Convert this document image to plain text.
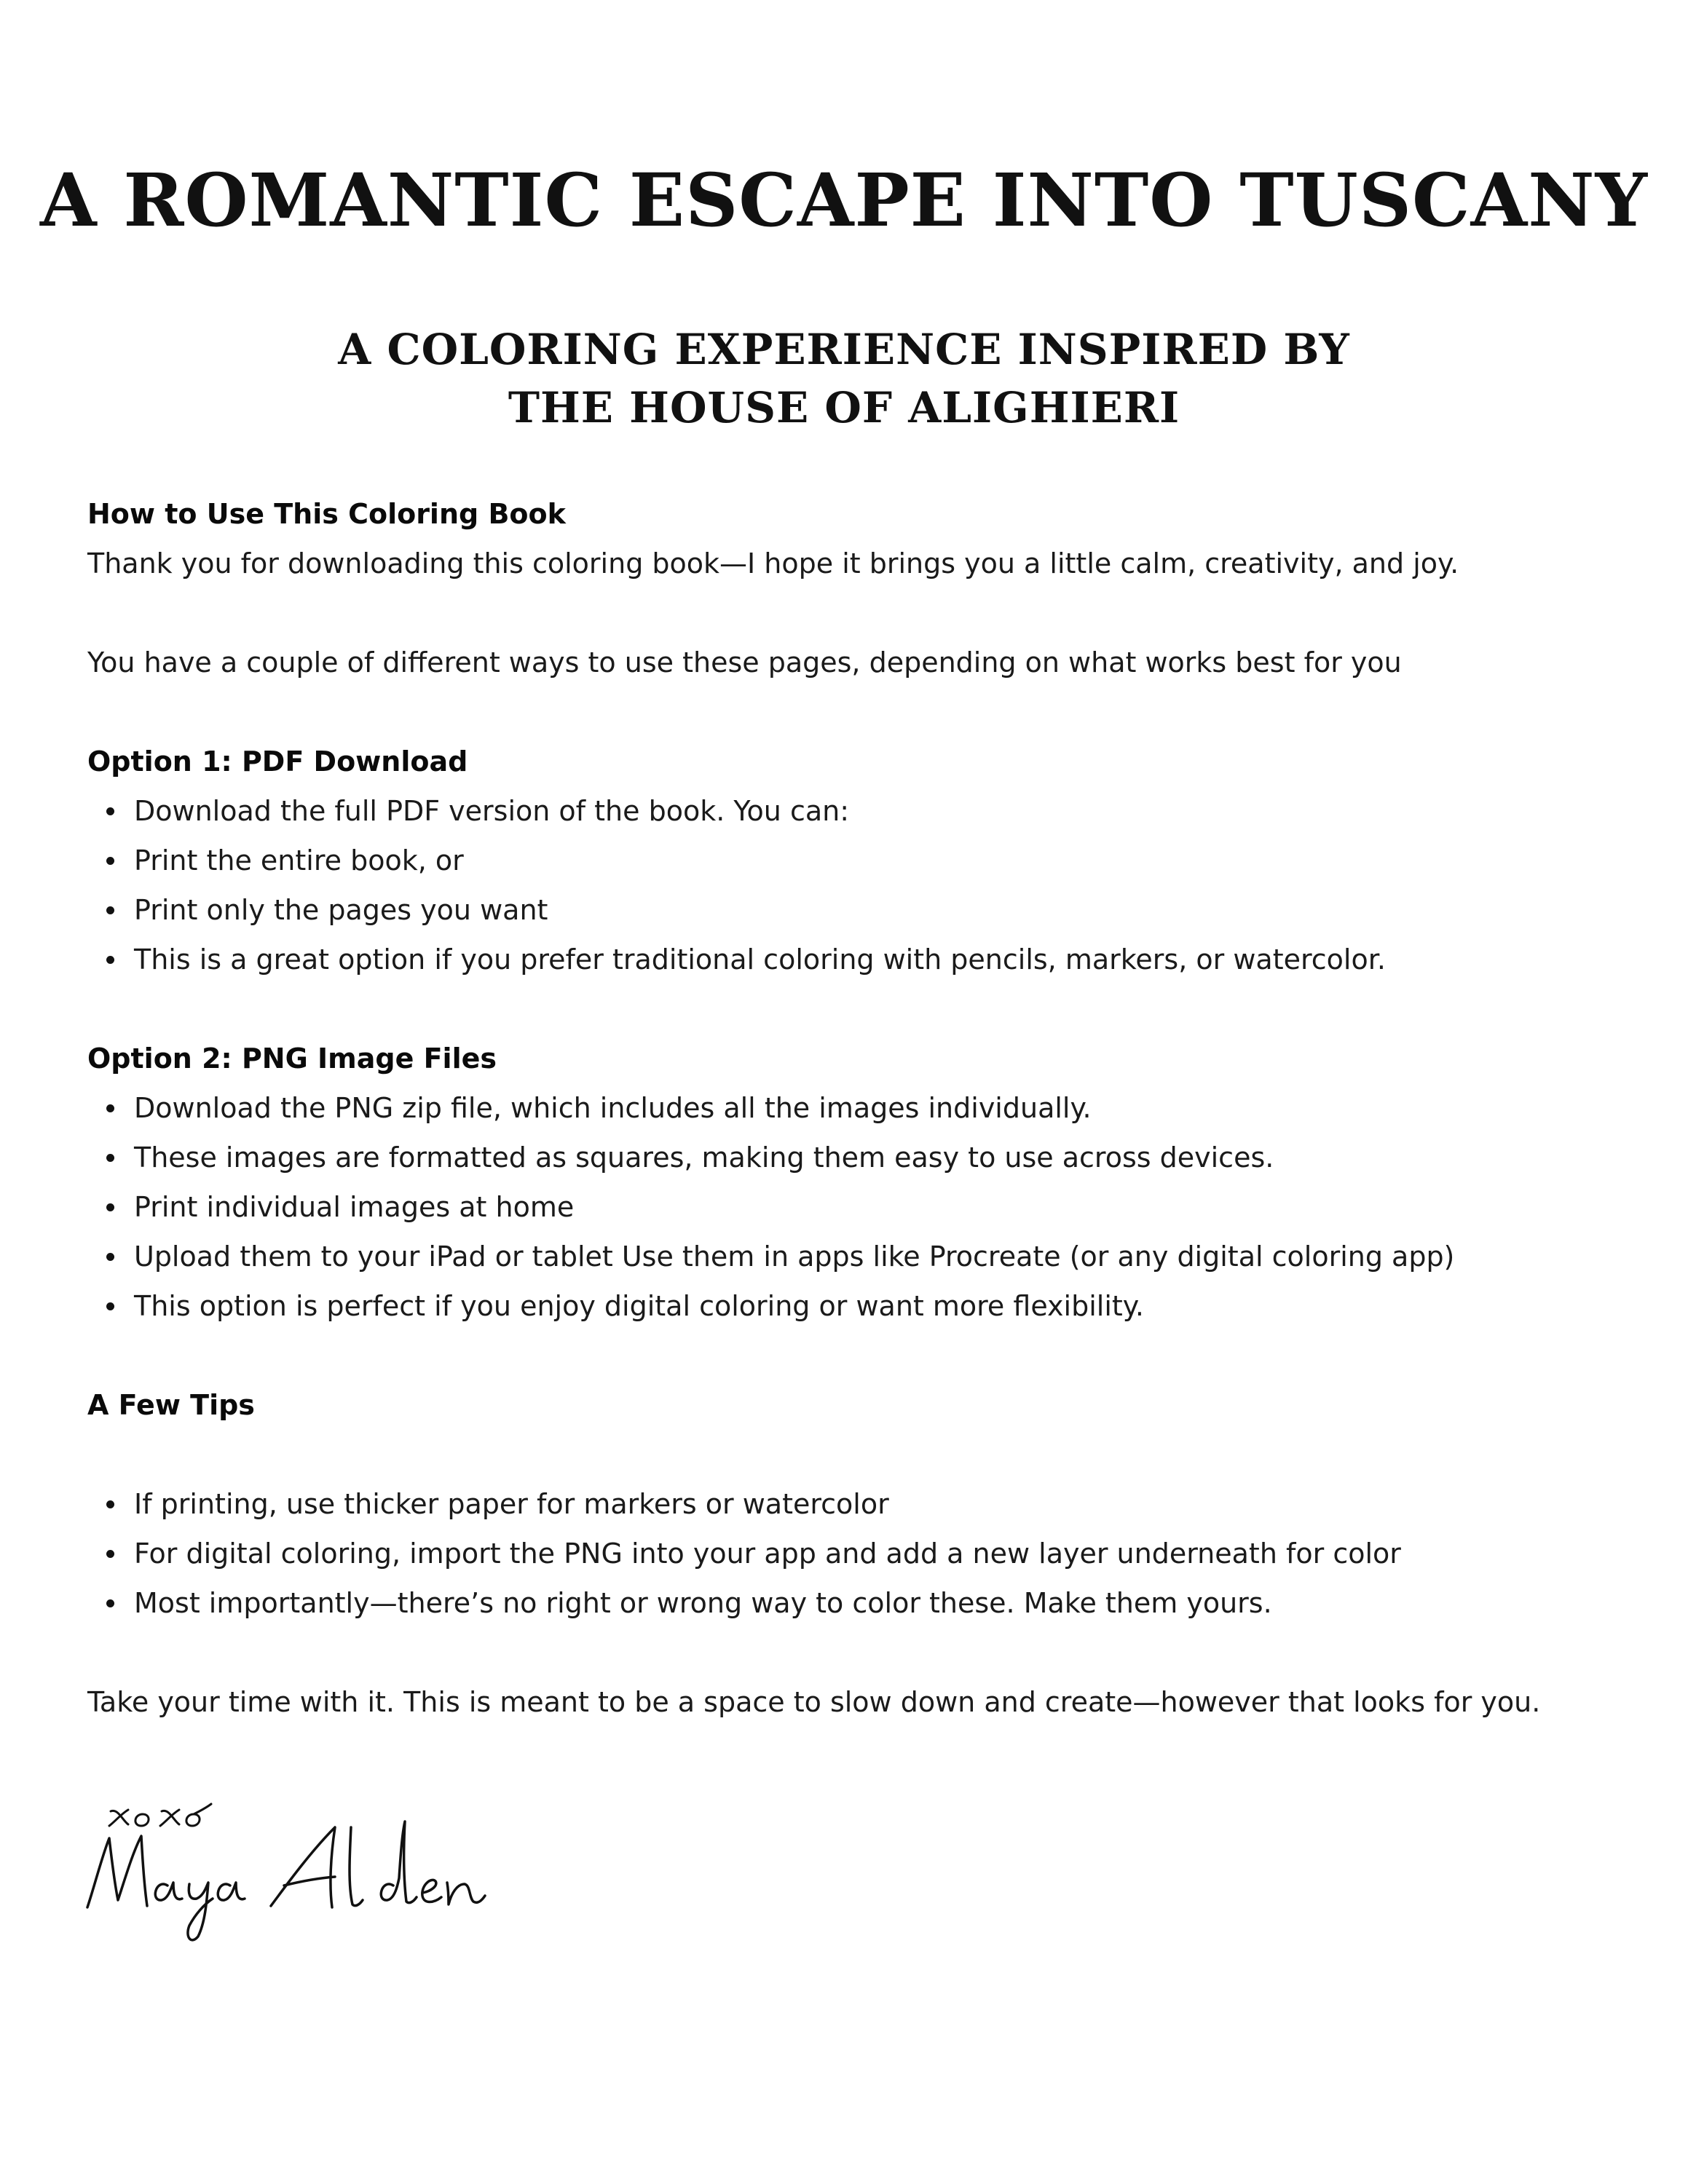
A ROMANTIC ESCAPE INTO TUSCANY
A COLORING EXPERIENCE INSPIRED BY
THE HOUSE OF ALIGHIERI

How to Use This Coloring Book

Thank you for downloading this coloring book—I hope it brings you a little calm, creativity, and joy.

You have a couple of different ways to use these pages, depending on what works best for you

Option 1: PDF Download

Download the full PDF version of the book. You can:
Print the entire book, or
Print only the pages you want
This is a great option if you prefer traditional coloring with pencils, markers, or watercolor.

Option 2: PNG Image Files

Download the PNG zip file, which includes all the images individually.
These images are formatted as squares, making them easy to use across devices.
Print individual images at home
Upload them to your iPad or tablet Use them in apps like Procreate (or any digital coloring app)
This option is perfect if you enjoy digital coloring or want more flexibility.

A Few Tips

If printing, use thicker paper for markers or watercolor
For digital coloring, import the PNG into your app and add a new layer underneath for color
Most importantly—there’s no right or wrong way to color these. Make them yours.

Take your time with it. This is meant to be a space to slow down and create—however that looks for you.
